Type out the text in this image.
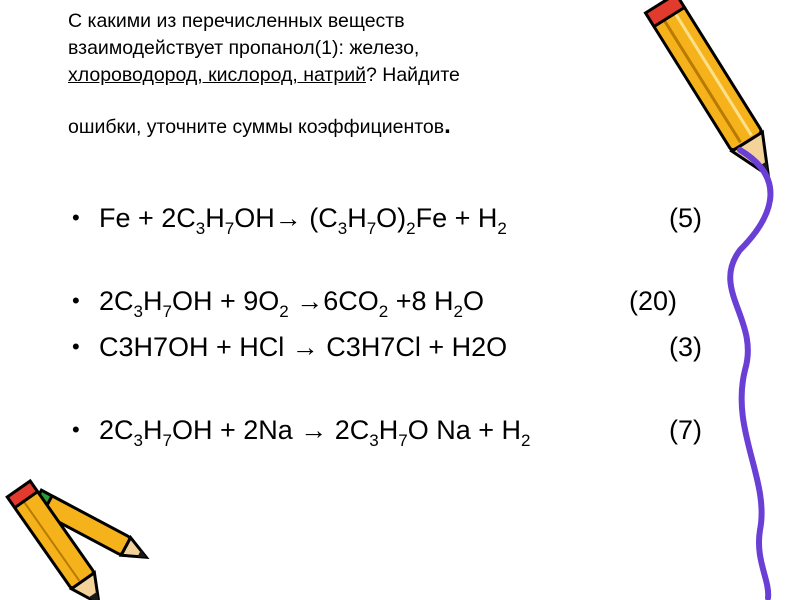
С какими из перечисленных веществ
взаимодействует пропанол(1): железо,
хлороводород, кислород, натрий? Найдите
ошибки, уточните суммы коэффициентов.
• $Fe + 2C_3H_7OH\to (C_3H_7O)_2Fe + H_2$	(5)
• $2C_3H_7OH + 9O_2 \to 6CO_2 +8$ $H_2O$	(20)
• C3H7OH + HCl → C3H7Cl + H2O	(3)
• $2C_3H_7OH + 2Na \to 2C_3H_7O$ $Na + H_2$	(7)
